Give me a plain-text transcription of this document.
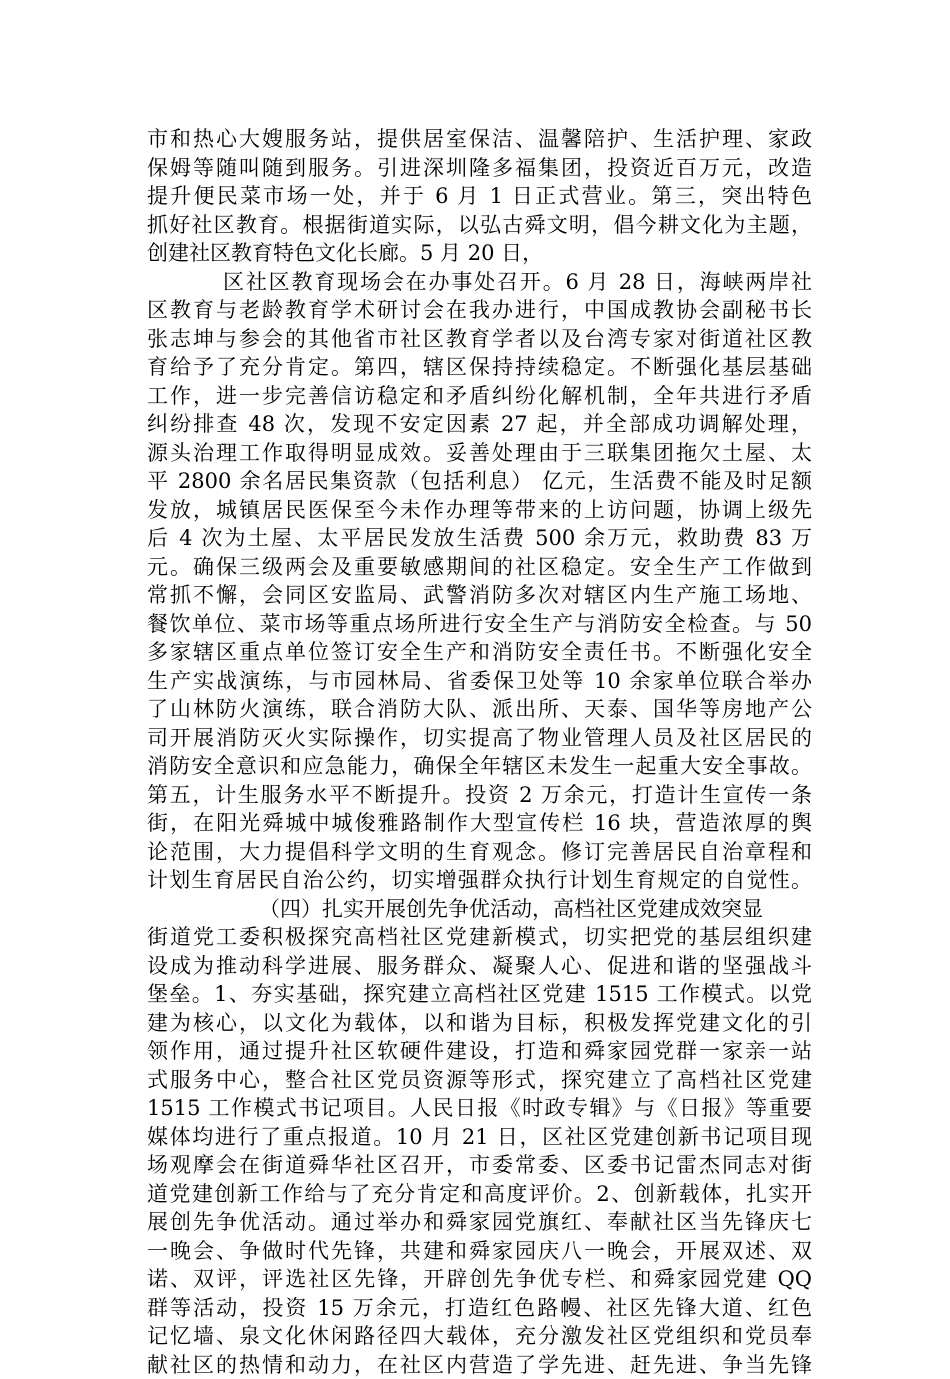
市和热心大嫂服务站，提供居室保洁、温馨陪护、生活护理、家政
保姆等随叫随到服务。引进深圳隆多福集团，投资近百万元，改造
提升便民菜市场一处，并于 6 月 1 日正式营业。第三，突出特色
抓好社区教育。根据街道实际，以弘古舜文明，倡今耕文化为主题，
创建社区教育特色文化长廊。5 月 20 日，
区社区教育现场会在办事处召开。6 月 28 日，海峡两岸社
区教育与老龄教育学术研讨会在我办进行，中国成教协会副秘书长
张志坤与参会的其他省市社区教育学者以及台湾专家对街道社区教
育给予了充分肯定。第四，辖区保持持续稳定。不断强化基层基础
工作，进一步完善信访稳定和矛盾纠纷化解机制，全年共进行矛盾
纠纷排查 48 次，发现不安定因素 27 起，并全部成功调解处理，
源头治理工作取得明显成效。妥善处理由于三联集团拖欠土屋、太
平 2800 余名居民集资款（包括利息） 亿元，生活费不能及时足额
发放，城镇居民医保至今未作办理等带来的上访问题，协调上级先
后 4 次为土屋、太平居民发放生活费 500 余万元，救助费 83 万
元。确保三级两会及重要敏感期间的社区稳定。安全生产工作做到
常抓不懈，会同区安监局、武警消防多次对辖区内生产施工场地、
餐饮单位、菜市场等重点场所进行安全生产与消防安全检查。与 50
多家辖区重点单位签订安全生产和消防安全责任书。不断强化安全
生产实战演练，与市园林局、省委保卫处等 10 余家单位联合举办
了山林防火演练，联合消防大队、派出所、天泰、国华等房地产公
司开展消防灭火实际操作，切实提高了物业管理人员及社区居民的
消防安全意识和应急能力，确保全年辖区未发生一起重大安全事故。
第五，计生服务水平不断提升。投资 2 万余元，打造计生宣传一条
街，在阳光舜城中城俊雅路制作大型宣传栏 16 块，营造浓厚的舆
论范围，大力提倡科学文明的生育观念。修订完善居民自治章程和
计划生育居民自治公约，切实增强群众执行计划生育规定的自觉性。
（四）扎实开展创先争优活动，高档社区党建成效突显
街道党工委积极探究高档社区党建新模式，切实把党的基层组织建
设成为推动科学进展、服务群众、凝聚人心、促进和谐的坚强战斗
堡垒。1、夯实基础，探究建立高档社区党建 1515 工作模式。以党
建为核心，以文化为载体，以和谐为目标，积极发挥党建文化的引
领作用，通过提升社区软硬件建设，打造和舜家园党群一家亲一站
式服务中心，整合社区党员资源等形式，探究建立了高档社区党建
1515 工作模式书记项目。人民日报《时政专辑》与《日报》等重要
媒体均进行了重点报道。10 月 21 日，区社区党建创新书记项目现
场观摩会在街道舜华社区召开，市委常委、区委书记雷杰同志对街
道党建创新工作给与了充分肯定和高度评价。2、创新载体，扎实开
展创先争优活动。通过举办和舜家园党旗红、奉献社区当先锋庆七
一晚会、争做时代先锋，共建和舜家园庆八一晚会，开展双述、双
诺、双评，评选社区先锋，开辟创先争优专栏、和舜家园党建 QQ
群等活动，投资 15 万余元，打造红色路幔、社区先锋大道、红色
记忆墙、泉文化休闲路径四大载体，充分激发社区党组织和党员奉
献社区的热情和动力，在社区内营造了学先进、赶先进、争当先锋
